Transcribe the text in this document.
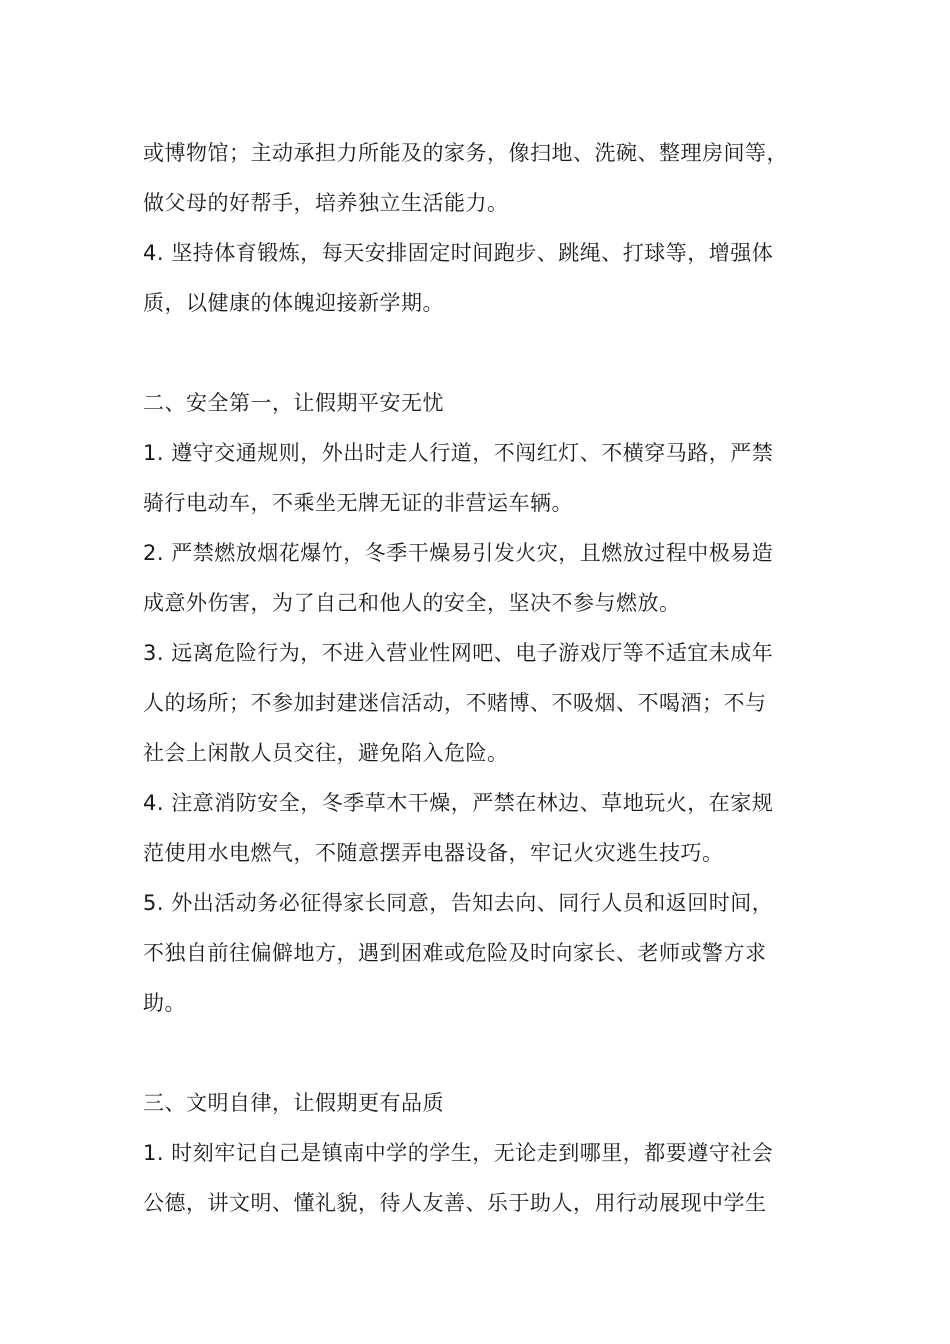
或博物馆；主动承担力所能及的家务，像扫地、洗碗、整理房间等，
做父母的好帮手，培养独立生活能力。
4. 坚持体育锻炼，每天安排固定时间跑步、跳绳、打球等，增强体
质，以健康的体魄迎接新学期。
二、安全第一，让假期平安无忧
1. 遵守交通规则，外出时走人行道，不闯红灯、不横穿马路，严禁
骑行电动车，不乘坐无牌无证的非营运车辆。
2. 严禁燃放烟花爆竹，冬季干燥易引发火灾，且燃放过程中极易造
成意外伤害，为了自己和他人的安全，坚决不参与燃放。
3. 远离危险行为，不进入营业性网吧、电子游戏厅等不适宜未成年
人的场所；不参加封建迷信活动，不赌博、不吸烟、不喝酒；不与
社会上闲散人员交往，避免陷入危险。
4. 注意消防安全，冬季草木干燥，严禁在林边、草地玩火，在家规
范使用水电燃气，不随意摆弄电器设备，牢记火灾逃生技巧。
5. 外出活动务必征得家长同意，告知去向、同行人员和返回时间，
不独自前往偏僻地方，遇到困难或危险及时向家长、老师或警方求
助。
三、文明自律，让假期更有品质
1. 时刻牢记自己是镇南中学的学生，无论走到哪里，都要遵守社会
公德，讲文明、懂礼貌，待人友善、乐于助人，用行动展现中学生
